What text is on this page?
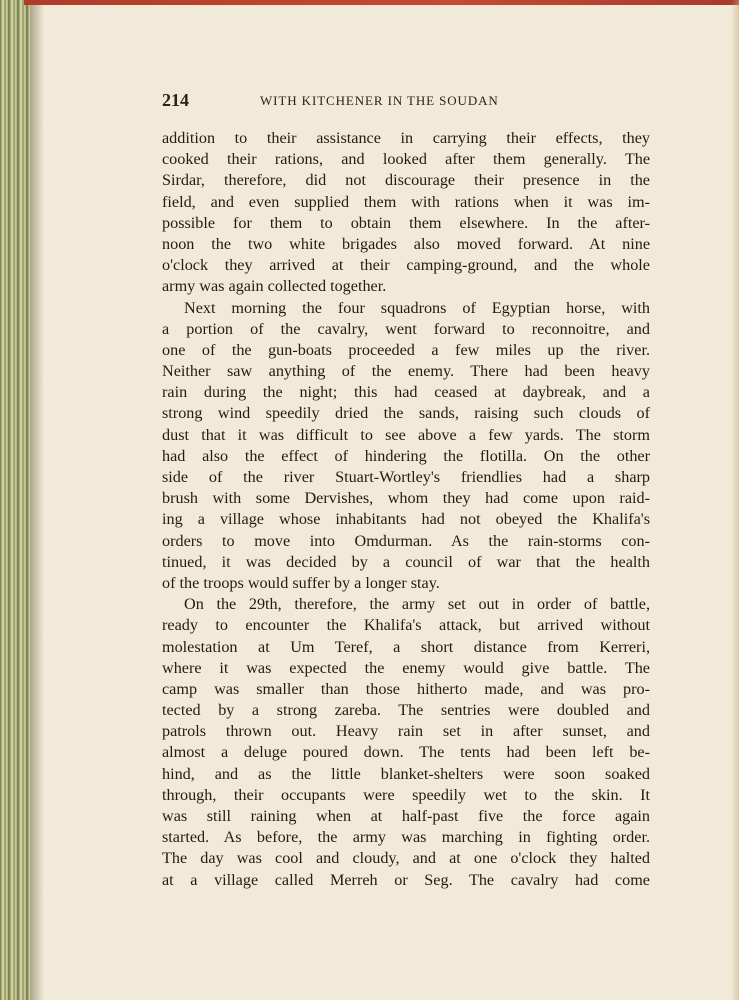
214	WITH KITCHENER IN THE SOUDAN
addition to their assistance in carrying their effects, they
cooked their rations, and looked after them generally. The
Sirdar, therefore, did not discourage their presence in the
field, and even supplied them with rations when it was im-
possible for them to obtain them elsewhere. In the after-
noon the two white brigades also moved forward. At nine
o'clock they arrived at their camping-ground, and the whole
army was again collected together.
Next morning the four squadrons of Egyptian horse, with
a portion of the cavalry, went forward to reconnoitre, and
one of the gun-boats proceeded a few miles up the river.
Neither saw anything of the enemy. There had been heavy
rain during the night; this had ceased at daybreak, and a
strong wind speedily dried the sands, raising such clouds of
dust that it was difficult to see above a few yards. The storm
had also the effect of hindering the flotilla. On the other
side of the river Stuart-Wortley's friendlies had a sharp
brush with some Dervishes, whom they had come upon raid-
ing a village whose inhabitants had not obeyed the Khalifa's
orders to move into Omdurman. As the rain-storms con-
tinued, it was decided by a council of war that the health
of the troops would suffer by a longer stay.
On the 29th, therefore, the army set out in order of battle,
ready to encounter the Khalifa's attack, but arrived without
molestation at Um Teref, a short distance from Kerreri,
where it was expected the enemy would give battle. The
camp was smaller than those hitherto made, and was pro-
tected by a strong zareba. The sentries were doubled and
patrols thrown out. Heavy rain set in after sunset, and
almost a deluge poured down. The tents had been left be-
hind, and as the little blanket-shelters were soon soaked
through, their occupants were speedily wet to the skin. It
was still raining when at half-past five the force again
started. As before, the army was marching in fighting order.
The day was cool and cloudy, and at one o'clock they halted
at a village called Merreh or Seg. The cavalry had come
